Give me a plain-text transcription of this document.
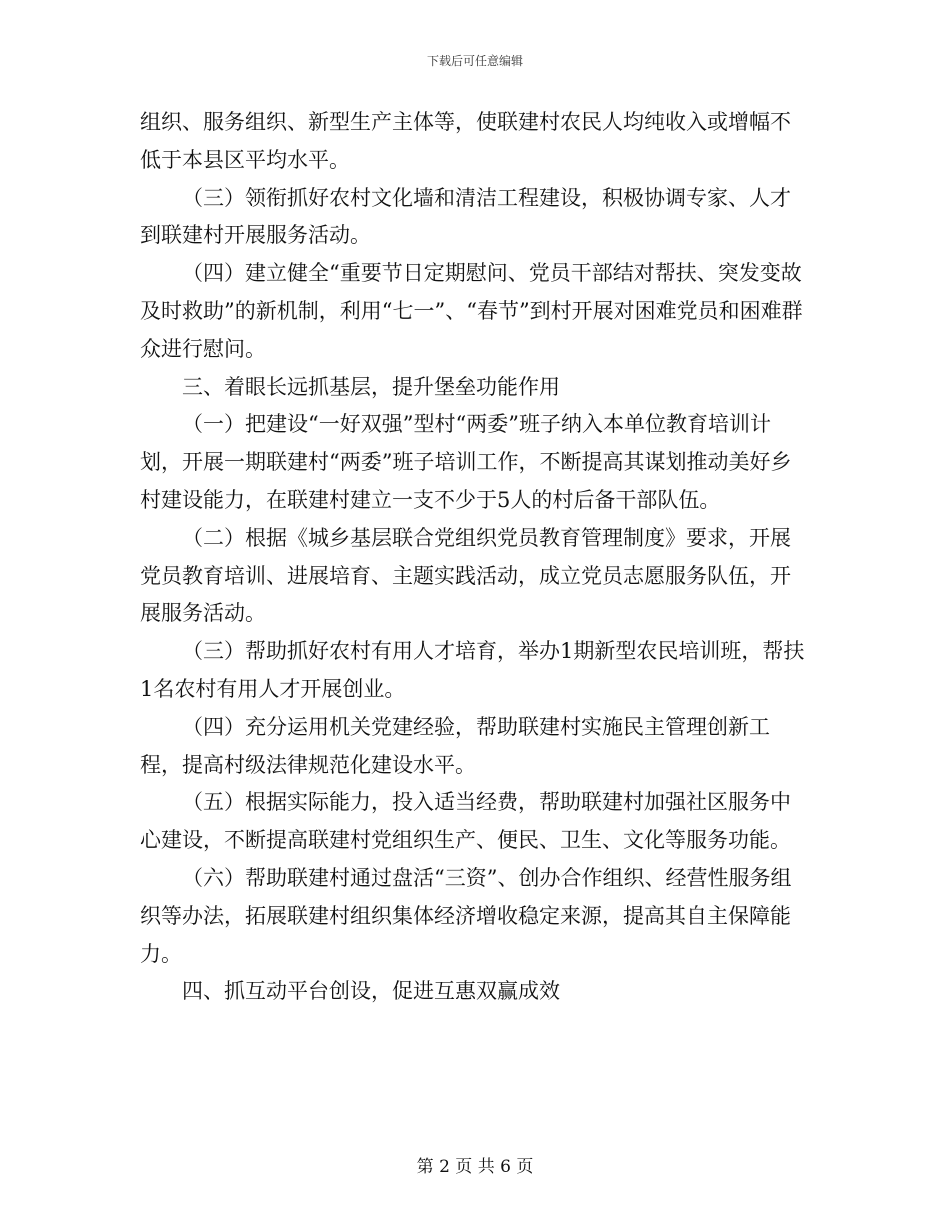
下载后可任意编辑

组织、服务组织、新型生产主体等，使联建村农民人均纯收入或增幅不低于本县区平均水平。

（三）领衔抓好农村文化墙和清洁工程建设，积极协调专家、人才到联建村开展服务活动。

（四）建立健全“重要节日定期慰问、党员干部结对帮扶、突发变故及时救助”的新机制，利用“七一”、“春节”到村开展对困难党员和困难群众进行慰问。

三、着眼长远抓基层，提升堡垒功能作用

（一）把建设“一好双强”型村“两委”班子纳入本单位教育培训计划，开展一期联建村“两委”班子培训工作，不断提高其谋划推动美好乡村建设能力，在联建村建立一支不少于5人的村后备干部队伍。

（二）根据《城乡基层联合党组织党员教育管理制度》要求，开展党员教育培训、进展培育、主题实践活动，成立党员志愿服务队伍，开展服务活动。

（三）帮助抓好农村有用人才培育，举办1期新型农民培训班，帮扶1名农村有用人才开展创业。

（四）充分运用机关党建经验，帮助联建村实施民主管理创新工程，提高村级法律规范化建设水平。

（五）根据实际能力，投入适当经费，帮助联建村加强社区服务中心建设，不断提高联建村党组织生产、便民、卫生、文化等服务功能。

（六）帮助联建村通过盘活“三资”、创办合作组织、经营性服务组织等办法，拓展联建村组织集体经济增收稳定来源，提高其自主保障能力。

四、抓互动平台创设，促进互惠双赢成效

第 2 页 共 6 页
